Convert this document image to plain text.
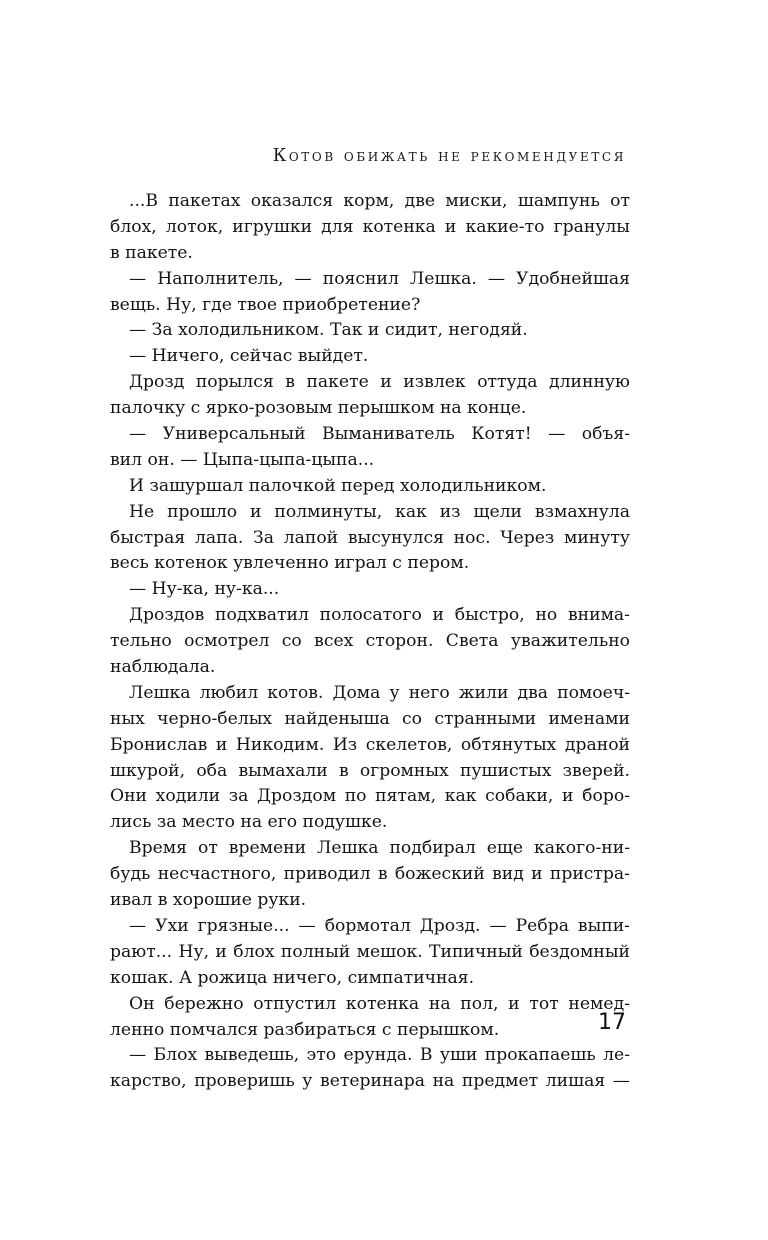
Котов обижать не рекомендуется
...В пакетах оказался корм, две миски, шампунь от
блох, лоток, игрушки для котенка и какие-то гранулы
в пакете.
— Наполнитель, — пояснил Лешка. — Удобнейшая
вещь. Ну, где твое приобретение?
— За холодильником. Так и сидит, негодяй.
— Ничего, сейчас выйдет.
Дрозд порылся в пакете и извлек оттуда длинную
палочку с ярко-розовым перышком на конце.
— Универсальный Выманиватель Котят! — объя-
вил он. — Цыпа-цыпа-цыпа...
И зашуршал палочкой перед холодильником.
Не прошло и полминуты, как из щели взмахнула
быстрая лапа. За лапой высунулся нос. Через минуту
весь котенок увлеченно играл с пером.
— Ну-ка, ну-ка...
Дроздов подхватил полосатого и быстро, но внима-
тельно осмотрел со всех сторон. Света уважительно
наблюдала.
Лешка любил котов. Дома у него жили два помоеч-
ных черно-белых найденыша со странными именами
Бронислав и Никодим. Из скелетов, обтянутых драной
шкурой, оба вымахали в огромных пушистых зверей.
Они ходили за Дроздом по пятам, как собаки, и боро-
лись за место на его подушке.
Время от времени Лешка подбирал еще какого-ни-
будь несчастного, приводил в божеский вид и пристра-
ивал в хорошие руки.
— Ухи грязные... — бормотал Дрозд. — Ребра выпи-
рают... Ну, и блох полный мешок. Типичный бездомный
кошак. А рожица ничего, симпатичная.
Он бережно отпустил котенка на пол, и тот немед-
ленно помчался разбираться с перышком.
— Блох выведешь, это ерунда. В уши прокапаешь ле-
карство, проверишь у ветеринара на предмет лишая —
17
